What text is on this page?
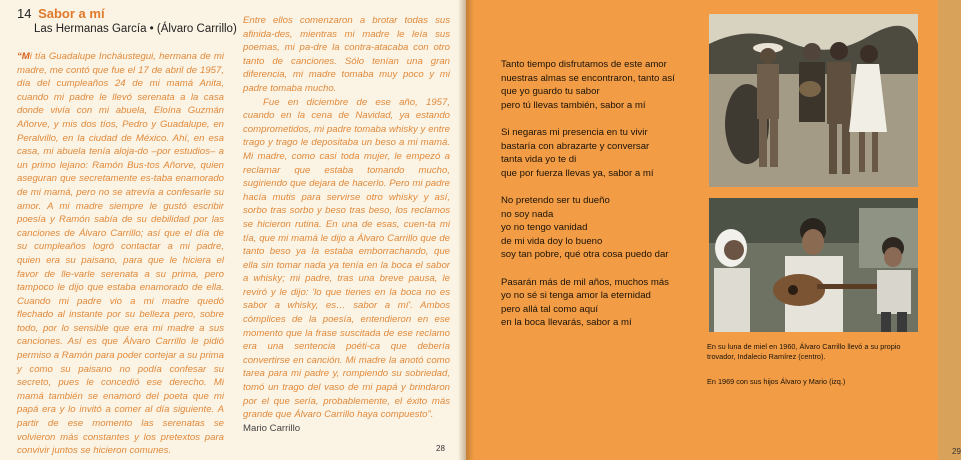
14 Sabor a mí
Las Hermanas García • (Álvaro Carrillo)

“Mi tía Guadalupe Incháustegui, hermana de mi madre, me contó que fue el 17 de abril de 1957, día del cumpleaños 24 de mi mamá Anita, cuando mi padre le llevó serenata a la casa donde vivía con mi abuela, Eloína Guzmán Añorve, y mis dos tíos, Pedro y Guadalupe, en Peralvillo, en la ciudad de México. Ahí, en esa casa, mi abuela tenía aloja-do –por estudios– a un primo lejano: Ramón Bus-tos Añorve, quien aseguran que secretamente es-taba enamorado de mi mamá, pero no se atrevía a confesarle su amor. A mi madre siempre le gustó escribir poesía y Ramón sabía de su debilidad por las canciones de Álvaro Carrillo; así que el día de su cumpleaños logró contactar a mi padre, quien era su paisano, para que le hiciera el favor de lle-varle serenata a su prima, pero tampoco le dijo que estaba enamorado de ella. Cuando mi padre vio a mi madre quedó flechado al instante por su belleza pero, sobre todo, por lo sensible que era mi madre a sus canciones. Así es que Álvaro Carrillo le pidió permiso a Ramón para poder cortejar a su prima y como su paisano no podía confesar su secreto, pues le concedió ese derecho. Mi mamá también se enamoró del poeta que mi papá era y lo invitó a comer al día siguiente. A partir de ese momento las serenatas se volvieron más constantes y los pretextos para convivir juntos se hicieron comunes.

Entre ellos comenzaron a brotar todas sus afinida-des, mientras mi madre le leía sus poemas, mi pa-dre la contra-atacaba con otro tanto de canciones. Sólo tenían una gran diferencia, mi madre tomaba muy poco y mi padre tomaba mucho.

Fue en diciembre de ese año, 1957, cuando en la cena de Navidad, ya estando comprometidos, mi padre tomaba whisky y entre trago y trago le depositaba un beso a mi mamá. Mi madre, como casi toda mujer, le empezó a reclamar que estaba tomando mucho, sugiriendo que dejara de hacerlo. Pero mi padre hacía mutis para servirse otro whisky y así, sorbo tras sorbo y beso tras beso, los reclamos se hicieron rutina. En una de esas, cuen-ta mi tía, que mi mamá le dijo a Álvaro Carrillo que de tanto beso ya la estaba emborrachando, que ella sin tomar nada ya tenía en la boca el sabor a whisky; mi padre, tras una breve pausa, le reviró y le dijo: 'lo que tienes en la boca no es sabor a whisky, es… sabor a mí'. Ambos cómplices de la poesía, entendieron en ese momento que la frase suscitada de ese reclamo era una sentencia poéti-ca que debería convertirse en canción. Mi madre la anotó como tarea para mi padre y, rompiendo su sobriedad, tomó un trago del vaso de mi papá y brindaron por el que sería, probablemente, el éxito más grande que Álvaro Carrillo haya compuesto”.

Mario Carrillo

28	29
Tanto tiempo disfrutamos de este amor
nuestras almas se encontraron, tanto así
que yo guardo tu sabor
pero tú llevas también, sabor a mí
Si negaras mi presencia en tu vivir
bastaría con abrazarte y conversar
tanta vida yo te di
que por fuerza llevas ya, sabor a mí
No pretendo ser tu dueño
no soy nada
yo no tengo vanidad
de mi vida doy lo bueno
soy tan pobre, qué otra cosa puedo dar
Pasarán más de mil años, muchos más
yo no sé si tenga amor la eternidad
pero allá tal como aquí
en la boca llevarás, sabor a mí
En su luna de miel en 1960, Álvaro Carrillo llevó a su propio trovador, Indalecio Ramírez (centro).
En 1969 con sus hijos Álvaro y Mario (izq.)
